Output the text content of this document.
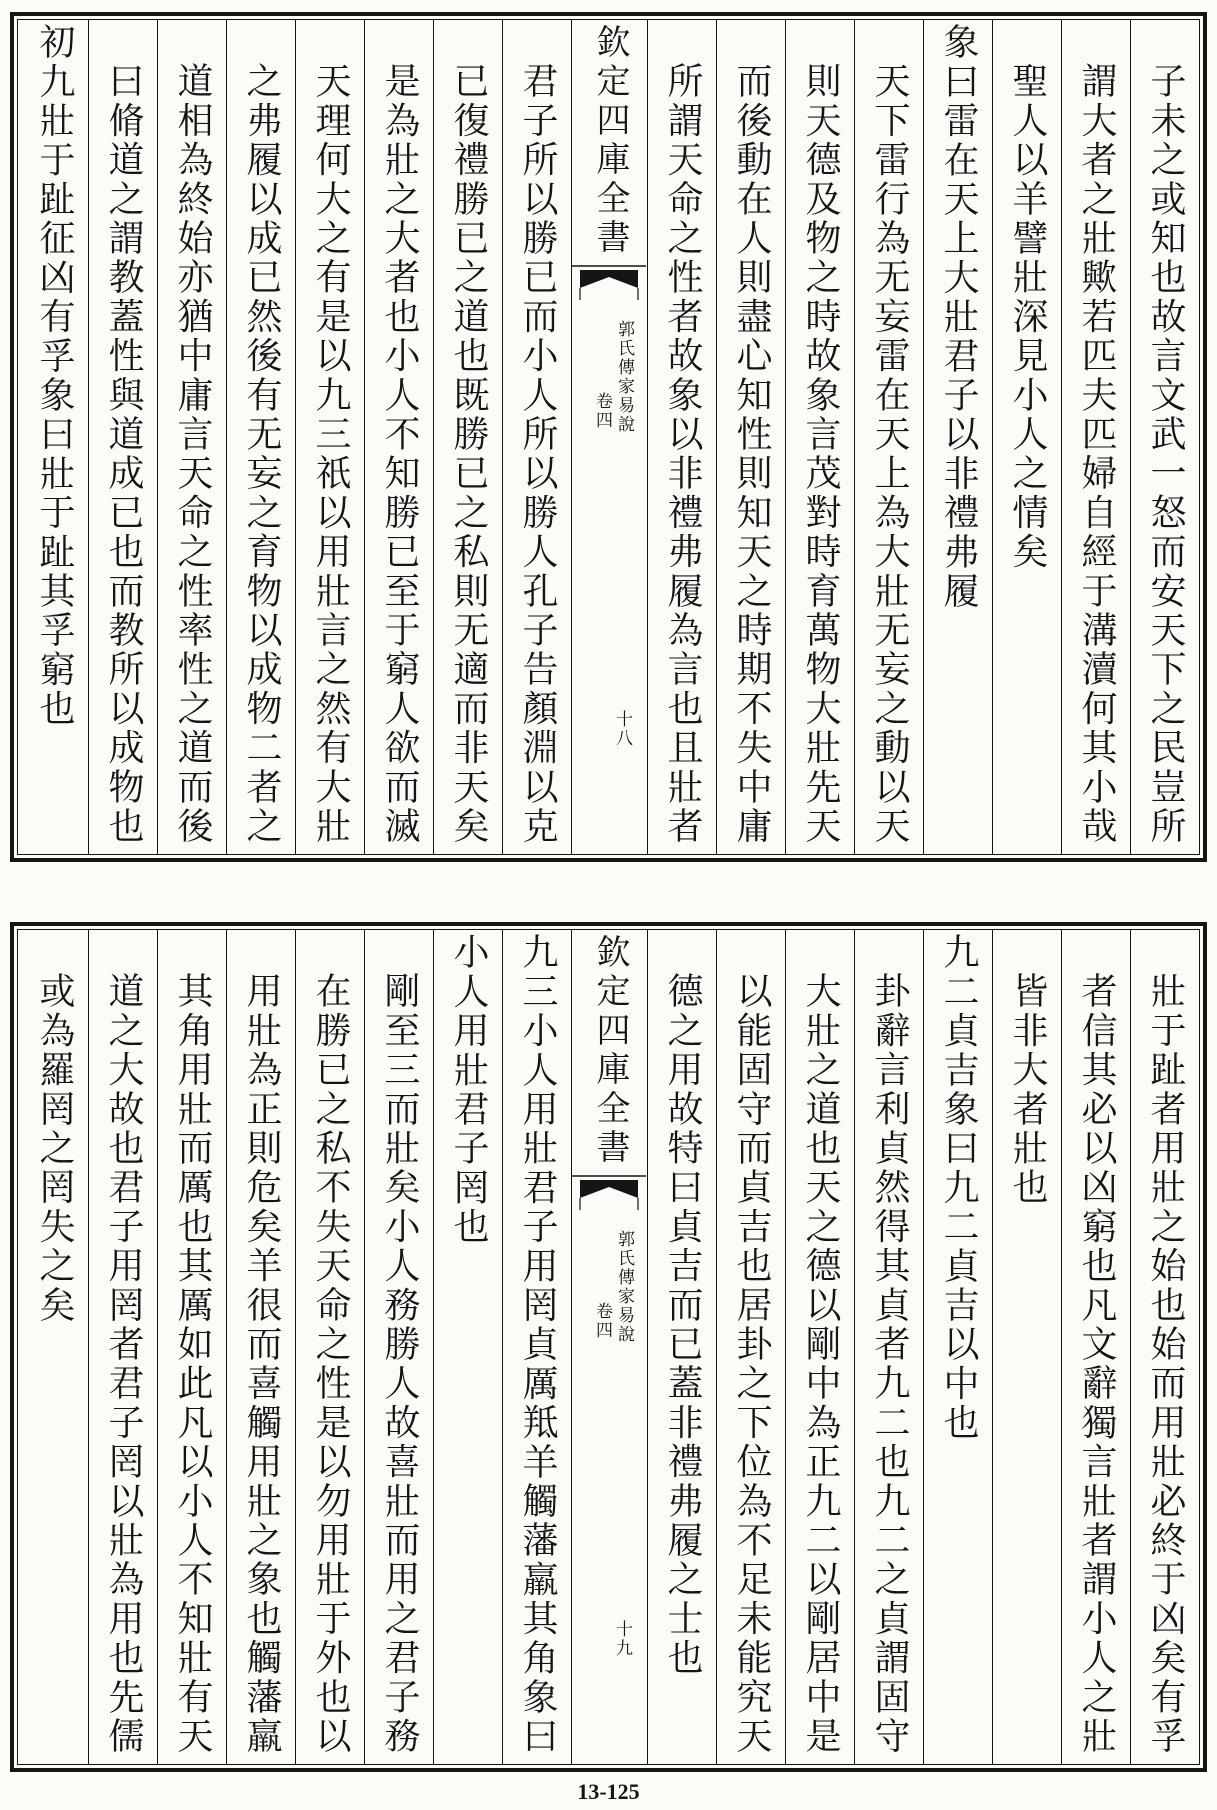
子未之或知也故言文武一怒而安天下之民豈所
謂大者之壯歟若匹夫匹婦自經于溝瀆何其小哉
聖人以羊譬壯深見小人之情矣
象曰雷在天上大壯君子以非禮弗履
天下雷行為无妄雷在天上為大壯无妄之動以天
則天德及物之時故象言茂對時育萬物大壯先天
而後動在人則盡心知性則知天之時期不失中庸
所謂天命之性者故象以非禮弗履為言也且壯者
欽定四庫全書
郭氏傳家易說
卷四
十八
君子所以勝已而小人所以勝人孔子告顏淵以克
已復禮勝已之道也既勝已之私則无適而非天矣
是為壯之大者也小人不知勝已至于窮人欲而滅
天理何大之有是以九三祇以用壯言之然有大壯
之弗履以成已然後有无妄之育物以成物二者之
道相為終始亦猶中庸言天命之性率性之道而後
曰脩道之謂教蓋性與道成已也而教所以成物也
初九壯于趾征凶有孚象曰壯于趾其孚窮也
壯于趾者用壯之始也始而用壯必終于凶矣有孚
者信其必以凶窮也凡文辭獨言壯者謂小人之壯
皆非大者壯也
九二貞吉象曰九二貞吉以中也
卦辭言利貞然得其貞者九二也九二之貞謂固守
大壯之道也天之德以剛中為正九二以剛居中是
以能固守而貞吉也居卦之下位為不足未能究天
德之用故特曰貞吉而已蓋非禮弗履之士也
欽定四庫全書
郭氏傳家易說
卷四
十九
九三小人用壯君子用罔貞厲羝羊觸藩羸其角象曰
小人用壯君子罔也
剛至三而壯矣小人務勝人故喜壯而用之君子務
在勝已之私不失天命之性是以勿用壯于外也以
用壯為正則危矣羊很而喜觸用壯之象也觸藩羸
其角用壯而厲也其厲如此凡以小人不知壯有天
道之大故也君子用罔者君子罔以壯為用也先儒
或為羅罔之罔失之矣
13-125
